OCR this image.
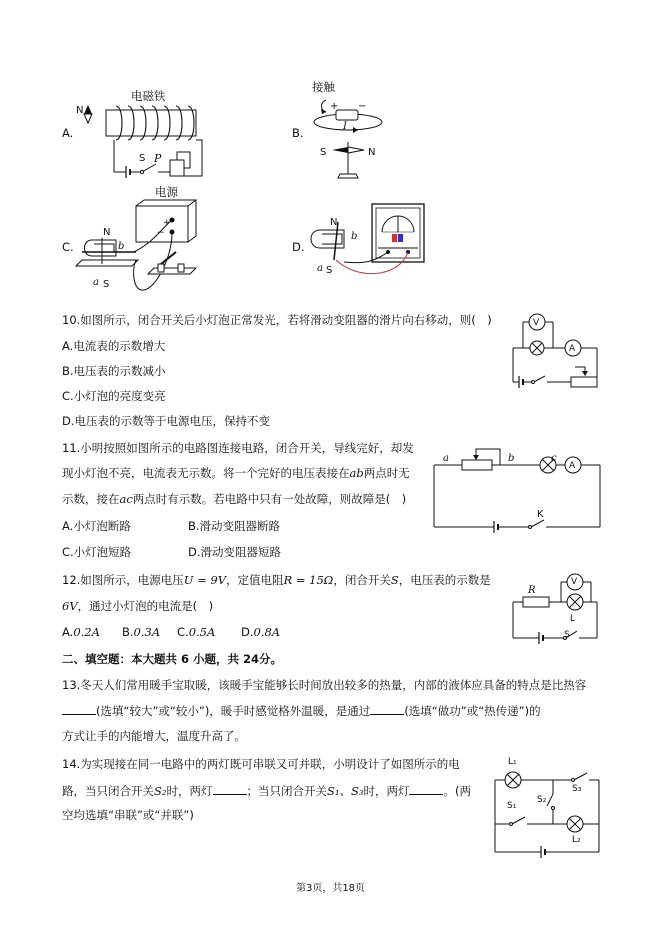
A.
电磁铁
N
S P
B.
接触
+ −
I
S	N
C.
电源
N
b
a S
+
−
D.
N
b
a S
10.如图所示，闭合开关后小灯泡正常发光，若将滑动变阻器的滑片向右移动，则(　)
A.电流表的示数增大
B.电压表的示数减小
C.小灯泡的亮度变亮
D.电压表的示数等于电源电压，保持不变
V
A
11.小明按照如图所示的电路图连接电路，闭合开关，导线完好，却发
现小灯泡不亮，电流表无示数。将一个完好的电压表接在ab两点时无
示数，接在ac两点时有示数。若电路中只有一处故障，则故障是(　)
A.小灯泡断路	B.滑动变阻器断路
C.小灯泡短路	D.滑动变阻器短路
a	b	c
A
K
12.如图所示，电源电压U = 9V，定值电阻R = 15Ω，闭合开关S，电压表的示数是
6V，通过小灯泡的电流是(　)
A.0.2A B.0.3A C.0.5A D.0.8A
R
V
L
S
二、填空题：本大题共 6 小题，共 24分。
13.冬天人们常用暖手宝取暖，该暖手宝能够长时间放出较多的热量，内部的液体应具备的特点是比热容
(选填“较大”或“较小”)，暖手时感觉格外温暖，是通过	(选填“做功”或“热传递”)的
方式让手的内能增大，温度升高了。
14.为实现接在同一电路中的两灯既可串联又可并联，小明设计了如图所示的电
路，当只闭合开关S₂时，两灯	；当只闭合开关S₁、S₃时，两灯	。(两
空均选填“串联”或“并联”)
L₁
S₂
S₃
S₁
L₂
第3页，共18页
